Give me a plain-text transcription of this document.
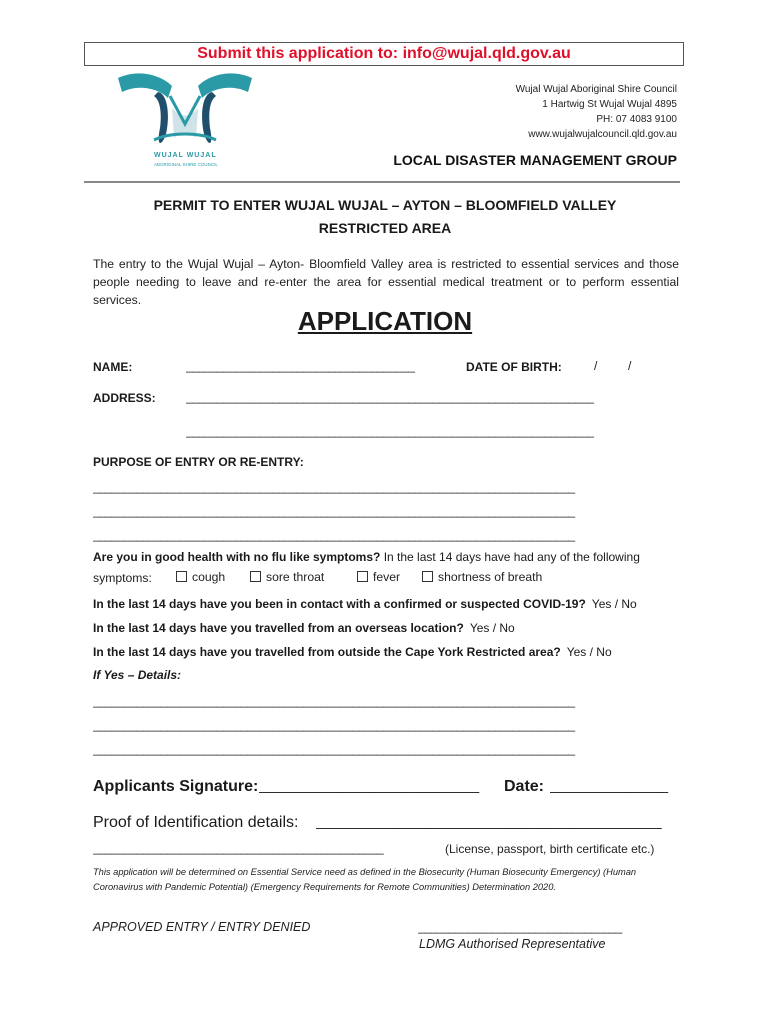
Submit this application to: info@wujal.qld.gov.au
WUJAL WUJAL
ABORIGINAL SHIRE COUNCIL
Wujal Wujal Aboriginal Shire Council
1 Hartwig St Wujal Wujal 4895
PH: 07 4083 9100
www.wujalwujalcouncil.qld.gov.au
LOCAL DISASTER MANAGEMENT GROUP
PERMIT TO ENTER WUJAL WUJAL – AYTON – BLOOMFIELD VALLEY
RESTRICTED AREA
The entry to the Wujal Wujal – Ayton- Bloomfield Valley area is restricted to essential services and those people needing to leave and re-enter the area for essential medical treatment or to perform essential services.
APPLICATION
NAME:	_____________________________________	DATE OF BIRTH:	/	/
ADDRESS:	__________________________________________________________________
__________________________________________________________________
PURPOSE OF ENTRY OR RE-ENTRY:
______________________________________________________________________________
______________________________________________________________________________
______________________________________________________________________________
Are you in good health with no flu like symptoms? In the last 14 days have had any of the following
symptoms:	cough	sore throat	fever	shortness of breath
In the last 14 days have you been in contact with a confirmed or suspected COVID-19? Yes / No
In the last 14 days have you travelled from an overseas location? Yes / No
In the last 14 days have you travelled from outside the Cape York Restricted area? Yes / No
If Yes – Details:
______________________________________________________________________________
______________________________________________________________________________
______________________________________________________________________________
Applicants Signature: ____________________________	Date: _______________
Proof of Identification details: ____________________________________________
_______________________________________________	(License, passport, birth certificate etc.)
This application will be determined on Essential Service need as defined in the Biosecurity (Human Biosecurity Emergency) (Human Coronavirus with Pandemic Potential) (Emergency Requirements for Remote Communities) Determination 2020.
APPROVED ENTRY / ENTRY DENIED	_________________________________
LDMG Authorised Representative
